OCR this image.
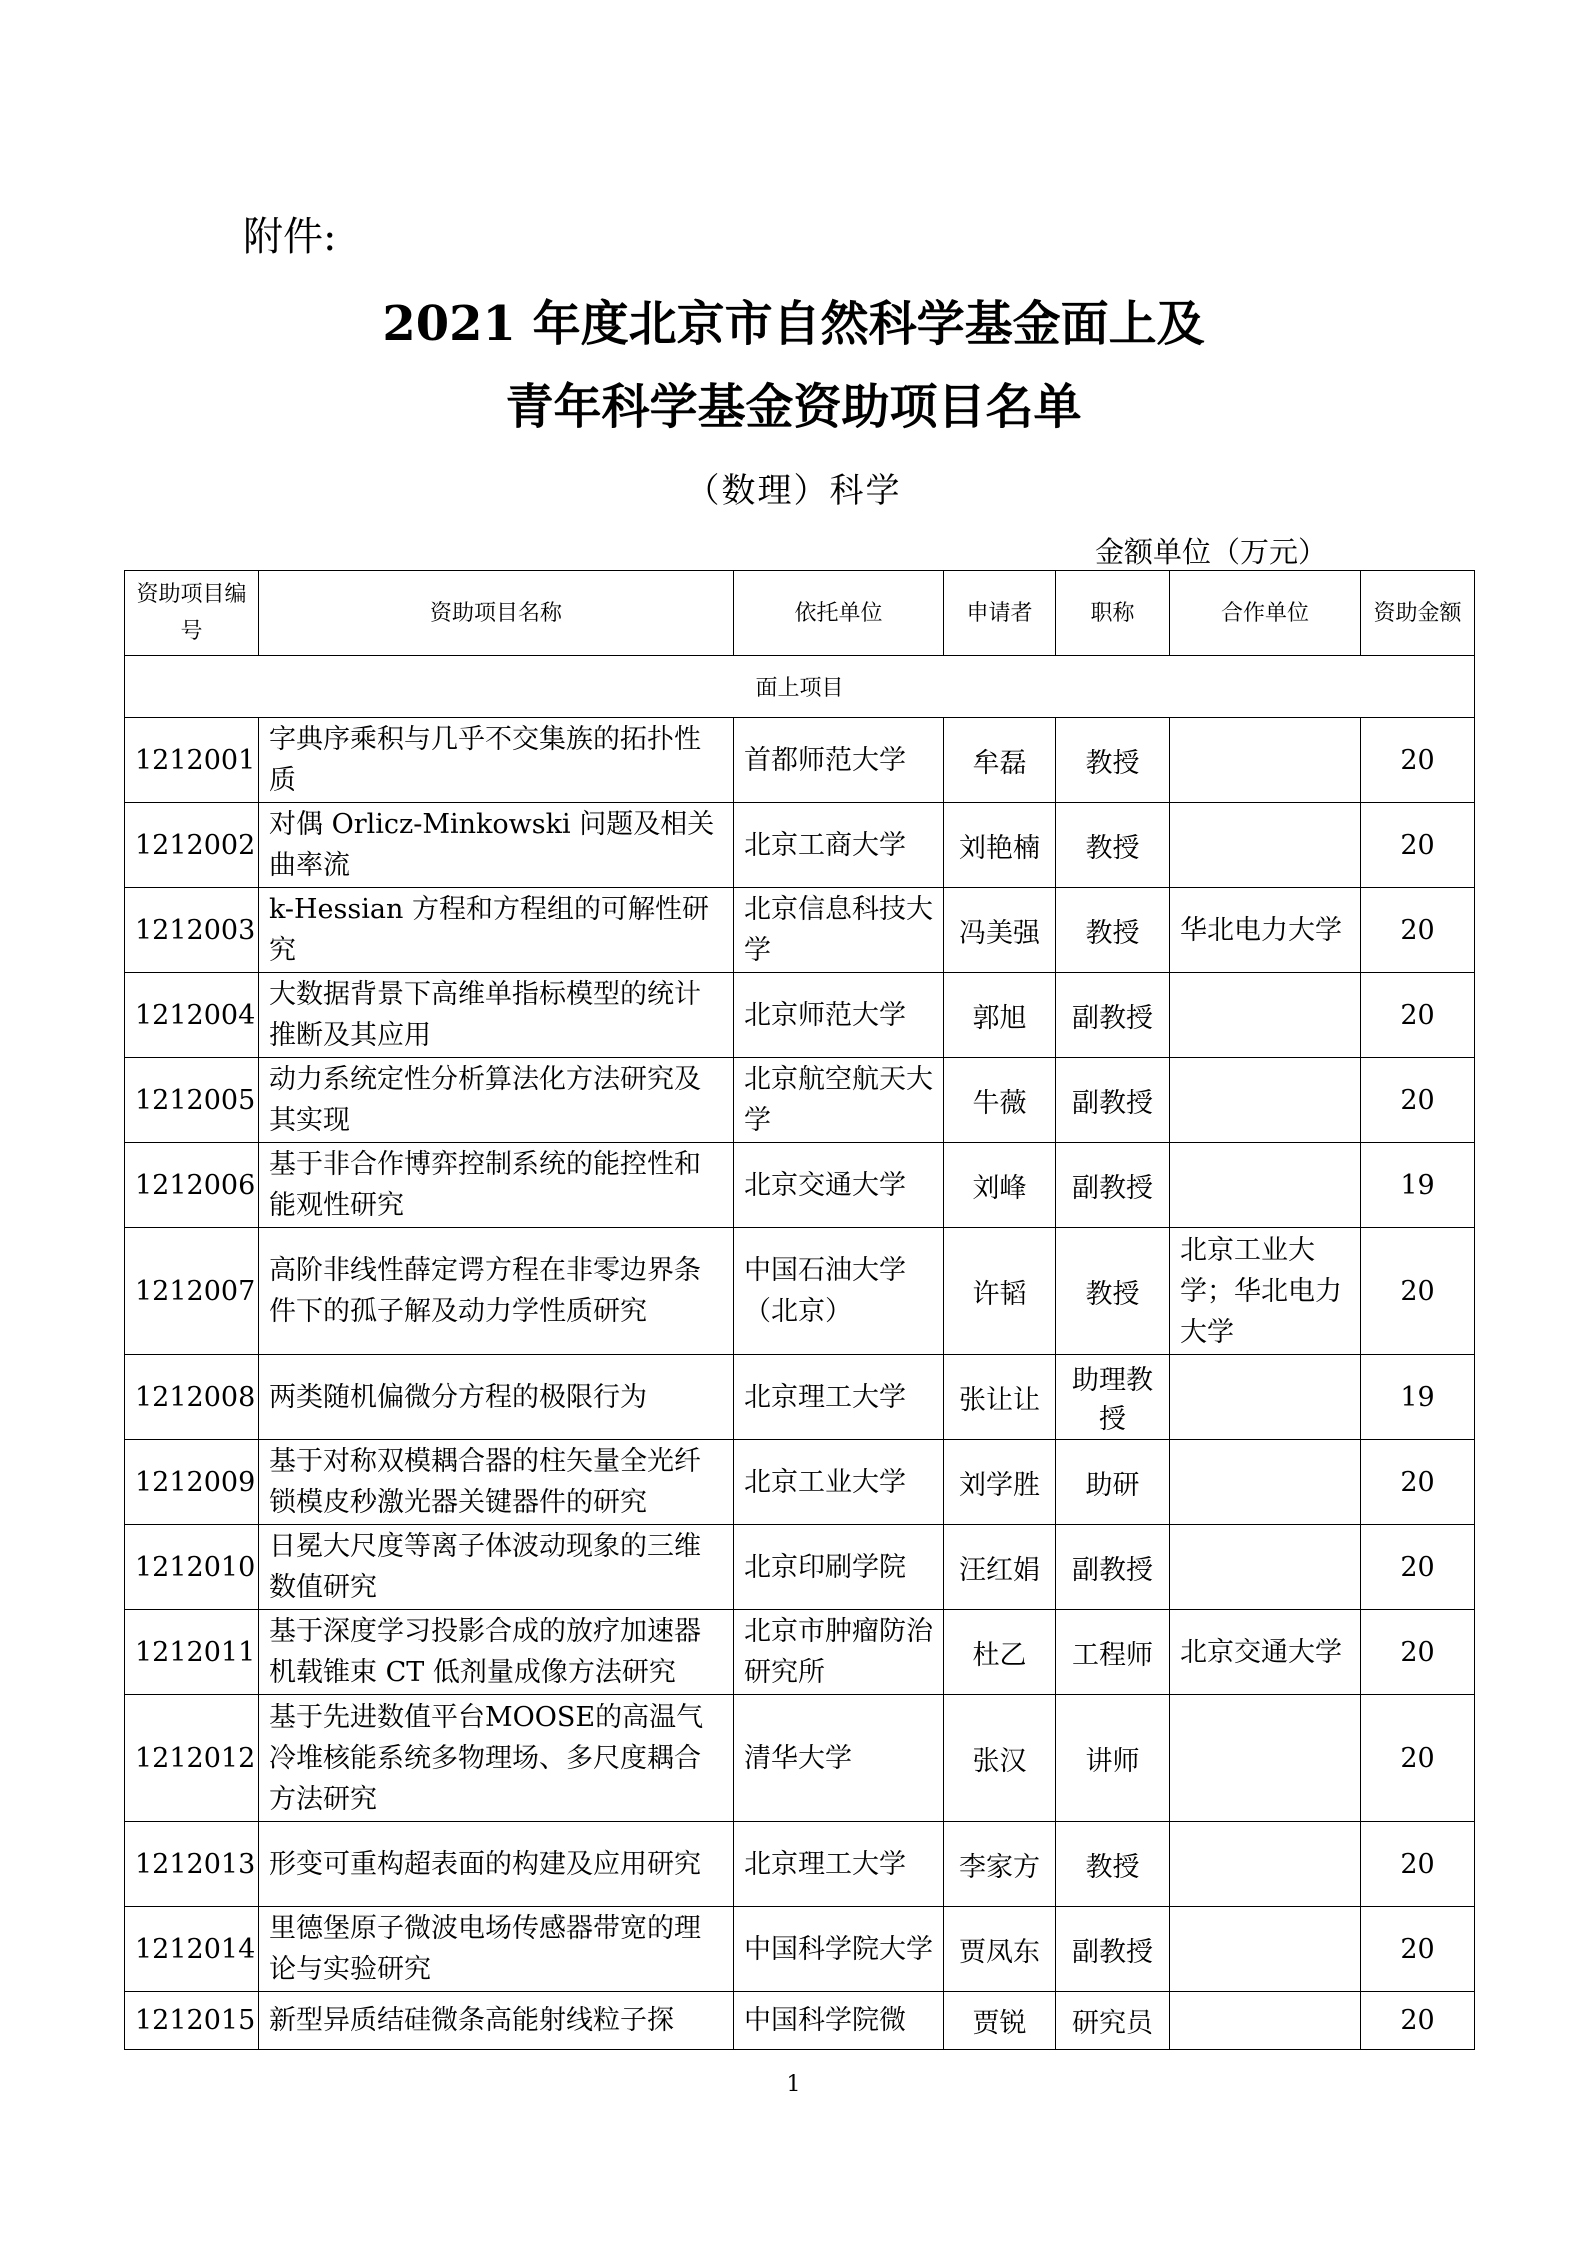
附件:
2021 年度北京市自然科学基金面上及
青年科学基金资助项目名单
（数理）科学
金额单位（万元）
资助项目编号	资助项目名称	依托单位	申请者	职称	合作单位	资助金额
面上项目						
1212001	字典序乘积与几乎不交集族的拓扑性质	首都师范大学	牟磊	教授		20
1212002	对偶 Orlicz-Minkowski 问题及相关曲率流	北京工商大学	刘艳楠	教授		20
1212003	k-Hessian 方程和方程组的可解性研究	北京信息科技大学	冯美强	教授	华北电力大学	20
1212004	大数据背景下高维单指标模型的统计推断及其应用	北京师范大学	郭旭	副教授		20
1212005	动力系统定性分析算法化方法研究及其实现	北京航空航天大学	牛薇	副教授		20
1212006	基于非合作博弈控制系统的能控性和能观性研究	北京交通大学	刘峰	副教授		19
1212007	高阶非线性薛定谔方程在非零边界条件下的孤子解及动力学性质研究	中国石油大学（北京）	许韬	教授	北京工业大学；华北电力大学	20
1212008	两类随机偏微分方程的极限行为	北京理工大学	张让让	助理教授		19
1212009	基于对称双模耦合器的柱矢量全光纤锁模皮秒激光器关键器件的研究	北京工业大学	刘学胜	助研		20
1212010	日冕大尺度等离子体波动现象的三维数值研究	北京印刷学院	汪红娟	副教授		20
1212011	基于深度学习投影合成的放疗加速器机载锥束 CT 低剂量成像方法研究	北京市肿瘤防治研究所	杜乙	工程师	北京交通大学	20
1212012	基于先进数值平台MOOSE的高温气冷堆核能系统多物理场、多尺度耦合方法研究	清华大学	张汉	讲师		20
1212013	形变可重构超表面的构建及应用研究	北京理工大学	李家方	教授		20
1212014	里德堡原子微波电场传感器带宽的理论与实验研究	中国科学院大学	贾凤东	副教授		20
1212015	新型异质结硅微条高能射线粒子探	中国科学院微	贾锐	研究员		20
1
